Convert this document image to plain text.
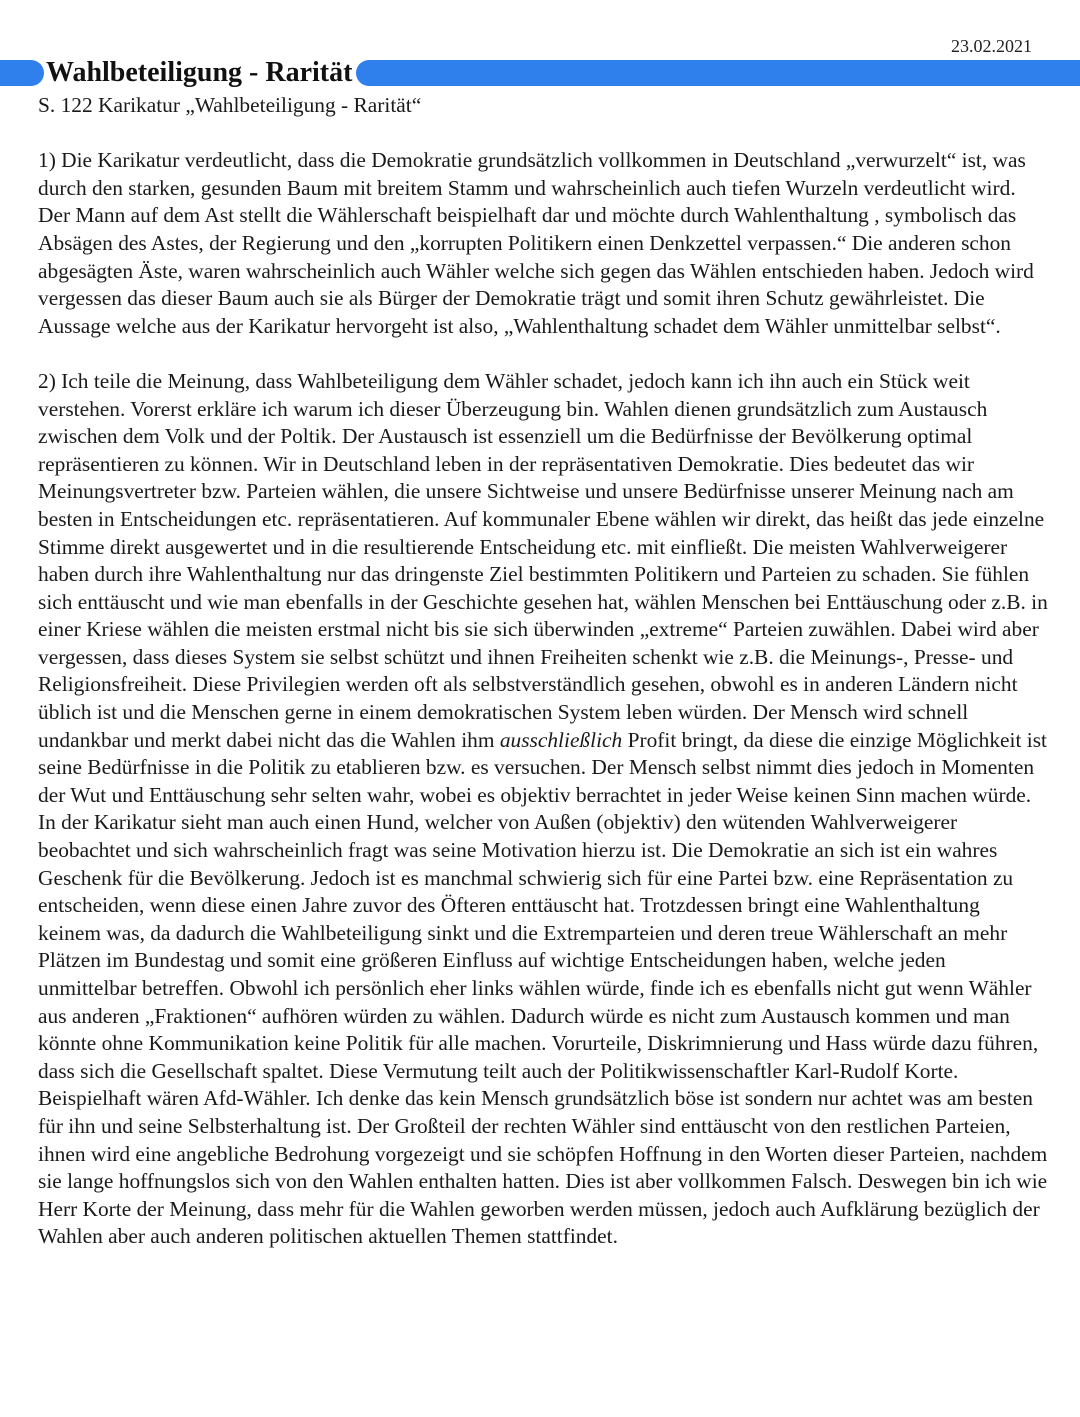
23.02.2021
Wahlbeteiligung - Rarität
S. 122 Karikatur „Wahlbeteiligung - Rarität“
1) Die Karikatur verdeutlicht, dass die Demokratie grundsätzlich vollkommen in Deutschland „verwurzelt“ ist, was durch den starken, gesunden Baum mit breitem Stamm und wahrscheinlich auch tiefen Wurzeln verdeutlicht wird. Der Mann auf dem Ast stellt die Wählerschaft beispielhaft dar und möchte durch Wahlenthaltung , symbolisch das Absägen des Astes, der Regierung und den „korrupten Politikern einen Denkzettel verpassen.“ Die anderen schon abgesägten Äste, waren wahrscheinlich auch Wähler welche sich gegen das Wählen entschieden haben. Jedoch wird vergessen das dieser Baum auch sie als Bürger der Demokratie trägt und somit ihren Schutz gewährleistet. Die Aussage welche aus der Karikatur hervorgeht ist also, „Wahlenthaltung schadet dem Wähler unmittelbar selbst“.
2) Ich teile die Meinung, dass Wahlbeteiligung dem Wähler schadet, jedoch kann ich ihn auch ein Stück weit verstehen. Vorerst erkläre ich warum ich dieser Überzeugung bin. Wahlen dienen grundsätzlich zum Austausch zwischen dem Volk und der Poltik. Der Austausch ist essenziell um die Bedürfnisse der Bevölkerung optimal repräsentieren zu können. Wir in Deutschland leben in der repräsentativen Demokratie. Dies bedeutet das wir Meinungsvertreter bzw. Parteien wählen, die unsere Sichtweise und unsere Bedürfnisse unserer Meinung nach am besten in Entscheidungen etc. repräsentatieren. Auf kommunaler Ebene wählen wir direkt, das heißt das jede einzelne Stimme direkt ausgewertet und in die resultierende Entscheidung etc. mit einfließt. Die meisten Wahlverweigerer haben durch ihre Wahlenthaltung nur das dringenste Ziel bestimmten Politikern und Parteien zu schaden. Sie fühlen sich enttäuscht und wie man ebenfalls in der Geschichte gesehen hat, wählen Menschen bei Enttäuschung oder z.B. in einer Kriese wählen die meisten erstmal nicht bis sie sich überwinden „extreme“ Parteien zuwählen. Dabei wird aber vergessen, dass dieses System sie selbst schützt und ihnen Freiheiten schenkt wie z.B. die Meinungs-, Presse- und Religionsfreiheit. Diese Privilegien werden oft als selbstverständlich gesehen, obwohl es in anderen Ländern nicht üblich ist und die Menschen gerne in einem demokratischen System leben würden. Der Mensch wird schnell undankbar und merkt dabei nicht das die Wahlen ihm ausschließlich Profit bringt, da diese die einzige Möglichkeit ist seine Bedürfnisse in die Politik zu etablieren bzw. es versuchen. Der Mensch selbst nimmt dies jedoch in Momenten der Wut und Enttäuschung sehr selten wahr, wobei es objektiv berrachtet in jeder Weise keinen Sinn machen würde. In der Karikatur sieht man auch einen Hund, welcher von Außen (objektiv) den wütenden Wahlverweigerer beobachtet und sich wahrscheinlich fragt was seine Motivation hierzu ist. Die Demokratie an sich ist ein wahres Geschenk für die Bevölkerung. Jedoch ist es manchmal schwierig sich für eine Partei bzw. eine Repräsentation zu entscheiden, wenn diese einen Jahre zuvor des Öfteren enttäuscht hat. Trotzdessen bringt eine Wahlenthaltung keinem was, da dadurch die Wahlbeteiligung sinkt und die Extremparteien und deren treue Wählerschaft an mehr Plätzen im Bundestag und somit eine größeren Einfluss auf wichtige Entscheidungen haben, welche jeden unmittelbar betreffen. Obwohl ich persönlich eher links wählen würde, finde ich es ebenfalls nicht gut wenn Wähler aus anderen „Fraktionen“ aufhören würden zu wählen. Dadurch würde es nicht zum Austausch kommen und man könnte ohne Kommunikation keine Politik für alle machen. Vorurteile, Diskrimnierung und Hass würde dazu führen, dass sich die Gesellschaft spaltet. Diese Vermutung teilt auch der Politikwissenschaftler Karl-Rudolf Korte. Beispielhaft wären Afd-Wähler. Ich denke das kein Mensch grundsätzlich böse ist sondern nur achtet was am besten für ihn und seine Selbsterhaltung ist. Der Großteil der rechten Wähler sind enttäuscht von den restlichen Parteien, ihnen wird eine angebliche Bedrohung vorgezeigt und sie schöpfen Hoffnung in den Worten dieser Parteien, nachdem sie lange hoffnungslos sich von den Wahlen enthalten hatten. Dies ist aber vollkommen Falsch. Deswegen bin ich wie Herr Korte der Meinung, dass mehr für die Wahlen geworben werden müssen, jedoch auch Aufklärung bezüglich der Wahlen aber auch anderen politischen aktuellen Themen stattfindet.
